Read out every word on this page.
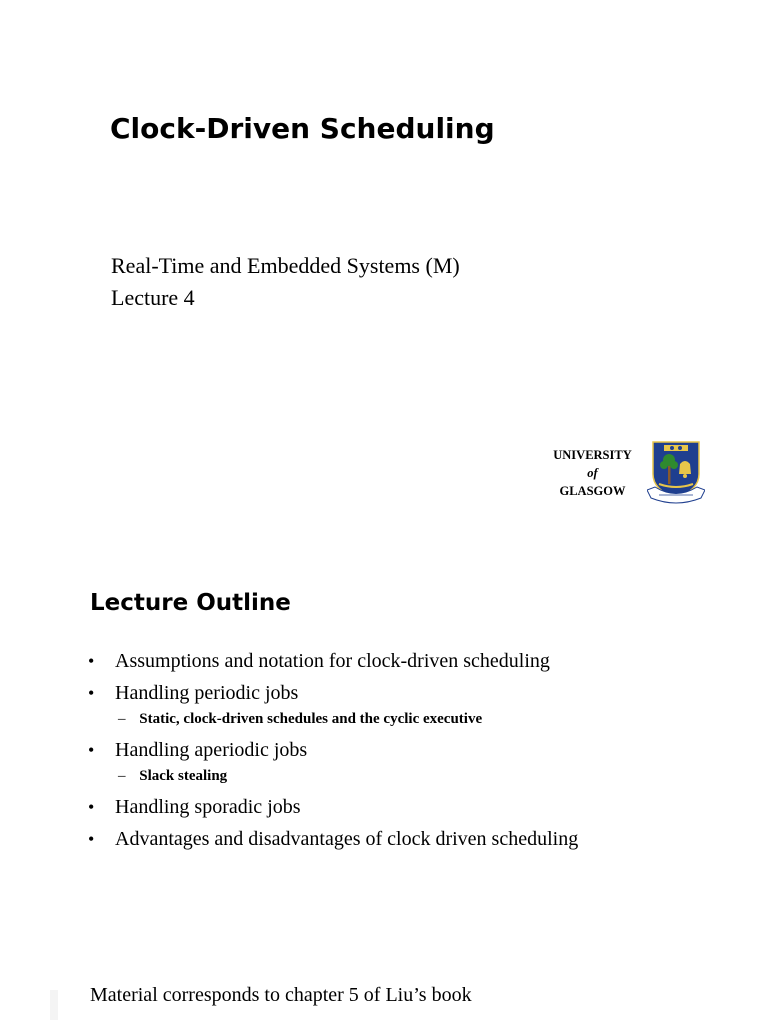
Clock-Driven Scheduling
Real-Time and Embedded Systems (M)
Lecture 4
UNIVERSITY
of
GLASGOW
Lecture Outline
• Assumptions and notation for clock-driven scheduling
• Handling periodic jobs
– Static, clock-driven schedules and the cyclic executive
• Handling aperiodic jobs
– Slack stealing
• Handling sporadic jobs
• Advantages and disadvantages of clock driven scheduling
Material corresponds to chapter 5 of Liu’s book
